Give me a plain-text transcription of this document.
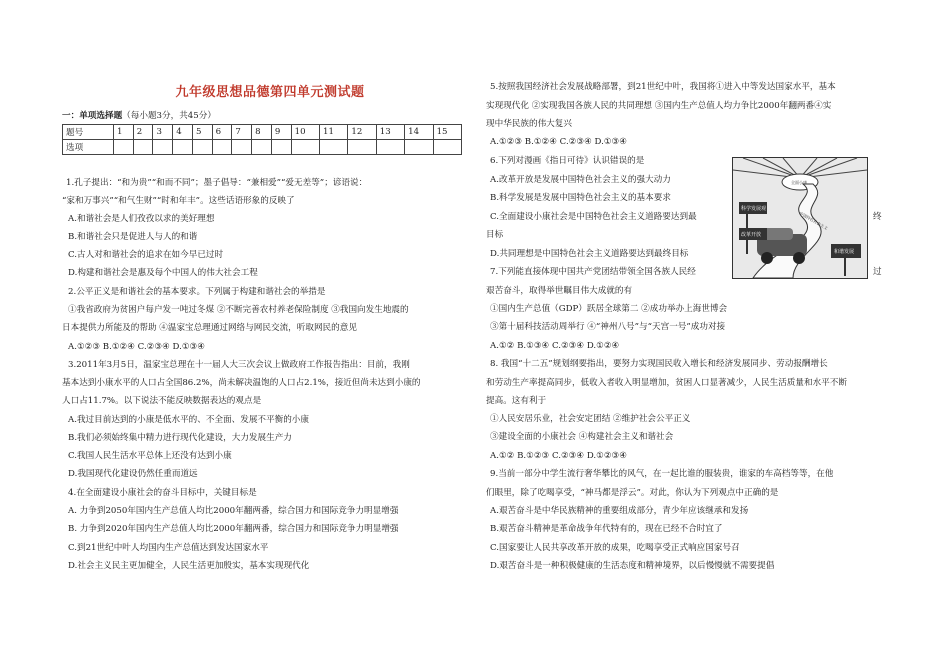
九年级思想品德第四单元测试题
一：单项选择题（每小题3分，共45分）
题号	1	2	3	4	5	6	7	8	9	10	11	12	13	14	15
选项															
1.孔子提出：“和为贵”“和而不同”；墨子倡导：“兼相爱”“爱无差等”；谚语说：
“家和万事兴”“和气生财”“时和年丰”。这些话语形象的反映了
A.和谐社会是人们孜孜以求的美好理想
B.和谐社会只是促进人与人的和谐
C.古人对和谐社会的追求在如今早已过时
D.构建和谐社会是惠及每个中国人的伟大社会工程
2.公平正义是和谐社会的基本要求。下列属于构建和谐社会的举措是
①我省政府为贫困户每户发一吨过冬煤 ②不断完善农村养老保险制度 ③我国向发生地震的
日本提供力所能及的帮助 ④温家宝总理通过网络与网民交流，听取网民的意见
A.①②③ B.①②④ C.②③④ D.①③④
3.2011年3月5日，温家宝总理在十一届人大三次会议上做政府工作报告指出：目前，我刚
基本达到小康水平的人口占全国86.2%，尚未解决温饱的人口占2.1%，接近但尚未达到小康的
人口占11.7%。以下说法不能反映数据表达的观点是
A.我过目前达到的小康是低水平的、不全面、发展不平衡的小康
B.我们必须始终集中精力进行现代化建设，大力发展生产力
C.我国人民生活水平总体上还没有达到小康
D.我国现代化建设仍然任重而道远
4.在全面建设小康社会的奋斗目标中，关键目标是
A. 力争到2050年国内生产总值人均比2000年翻两番，综合国力和国际竞争力明显增强
B. 力争到2020年国内生产总值人均比2000年翻两番，综合国力和国际竞争力明显增强
C.到21世纪中叶人均国内生产总值达到发达国家水平
D.社会主义民主更加健全，人民生活更加殷实，基本实现现代化
5.按照我国经济社会发展战略部署，到21世纪中叶，我国将①进入中等发达国家水平，基本
实现现代化 ②实现我国各族人民的共同理想 ③国内生产总值人均力争比2000年翻两番④实
现中华民族的伟大复兴
A.①②③ B.①②④ C.②③④ D.①③④
6.下列对漫画《指日可待》认识错误的是
A.改革开放是发展中国特色社会主义的强大动力
B.科学发展是发展中国特色社会主义的基本要求
C.全面建设小康社会是中国特色社会主义道路要达到最
目标
D.共同理想是中国特色社会主义道路要达到最终目标
7.下列能直接体现中国共产党团结带领全国各族人民经
艰苦奋斗，取得举世瞩目伟大成就的有
①国内生产总值（GDP）跃居全球第二 ②成功举办上海世博会
③第十届科技活动周举行 ④“神州八号”与“天宫一号”成功对接
A.①② B.①③④ C.②③④ D.①②④
8. 我国“十二五”规划纲要指出，要努力实现国民收入增长和经济发展同步、劳动报酬增长
和劳动生产率提高同步，低收入者收入明显增加，贫困人口显著减少，人民生活质量和水平不断
提高。这有利于
①人民安居乐业，社会安定团结 ②维护社会公平正义
③建设全面的小康社会 ④构建社会主义和谐社会
A.①② B.①②③ C.②③④ D.①②③④
9.当前一部分中学生流行奢华攀比的风气，在一起比谁的服装贵，谁家的车高档等等，在他
们眼里，除了吃喝享受，“神马都是浮云”。对此，你认为下列观点中正确的是
A.艰苦奋斗是中华民族精神的重要组成部分，青少年应该继承和发扬
B.艰苦奋斗精神是革命战争年代特有的，现在已经不合时宜了
C.国家要让人民共享改革开放的成果，吃喝享受正式响应国家号召
D.艰苦奋斗是一种积极健康的生活态度和精神境界，以后慢慢就不需要提倡
终
过
科学发展观
改革开放
和谐发展
全面小康
中国特色社会主义
